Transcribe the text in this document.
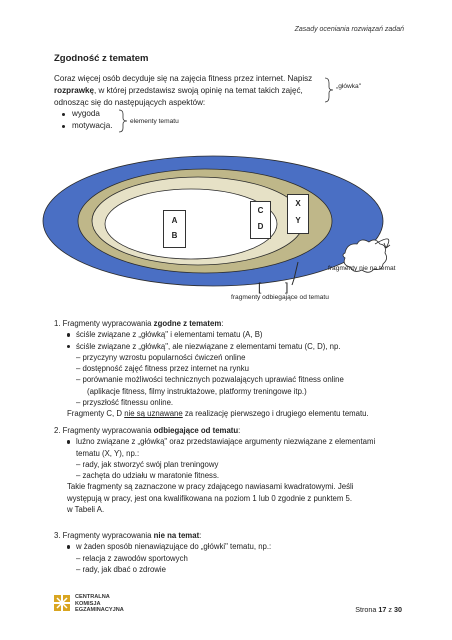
Zasady oceniania rozwiązań zadań
Zgodność z tematem
Coraz więcej osób decyduje się na zajęcia fitness przez internet. Napisz
rozprawkę, w której przedstawisz swoją opinię na temat takich zajęć,
odnosząc się do następujących aspektów:
„główka"
wygoda
motywacja.	elementy tematu
A
B
C
D
X
Y
[ ]
fragmenty odbiegające od tematu
fragmenty nie na temat
1. Fragmenty wypracowania zgodne z tematem:
ściśle związane z „główką" i elementami tematu (A, B)
ściśle związane z „główką", ale niezwiązane z elementami tematu (C, D), np.
– przyczyny wzrostu popularności ćwiczeń online
– dostępność zajęć fitness przez internet na rynku
– porównanie możliwości technicznych pozwalających uprawiać fitness online
(aplikacje fitness, filmy instruktażowe, platformy treningowe itp.)
– przyszłość fitnessu online.
Fragmenty C, D nie są uznawane za realizację pierwszego i drugiego elementu tematu.
2. Fragmenty wypracowania odbiegające od tematu:
luźno związane z „główką" oraz przedstawiające argumenty niezwiązane z elementami
tematu (X, Y), np.:
– rady, jak stworzyć swój plan treningowy
– zachęta do udziału w maratonie fitness.
Takie fragmenty są zaznaczone w pracy zdającego nawiasami kwadratowymi. Jeśli
występują w pracy, jest ona kwalifikowana na poziom 1 lub 0 zgodnie z punktem 5.
w Tabeli A.
3. Fragmenty wypracowania nie na temat:
w żaden sposób nienawiązujące do „główki" tematu, np.:
– relacja z zawodów sportowych
– rady, jak dbać o zdrowie
CENTRALNA
KOMISJA
EGZAMINACYJNA	Strona 17 z 30
